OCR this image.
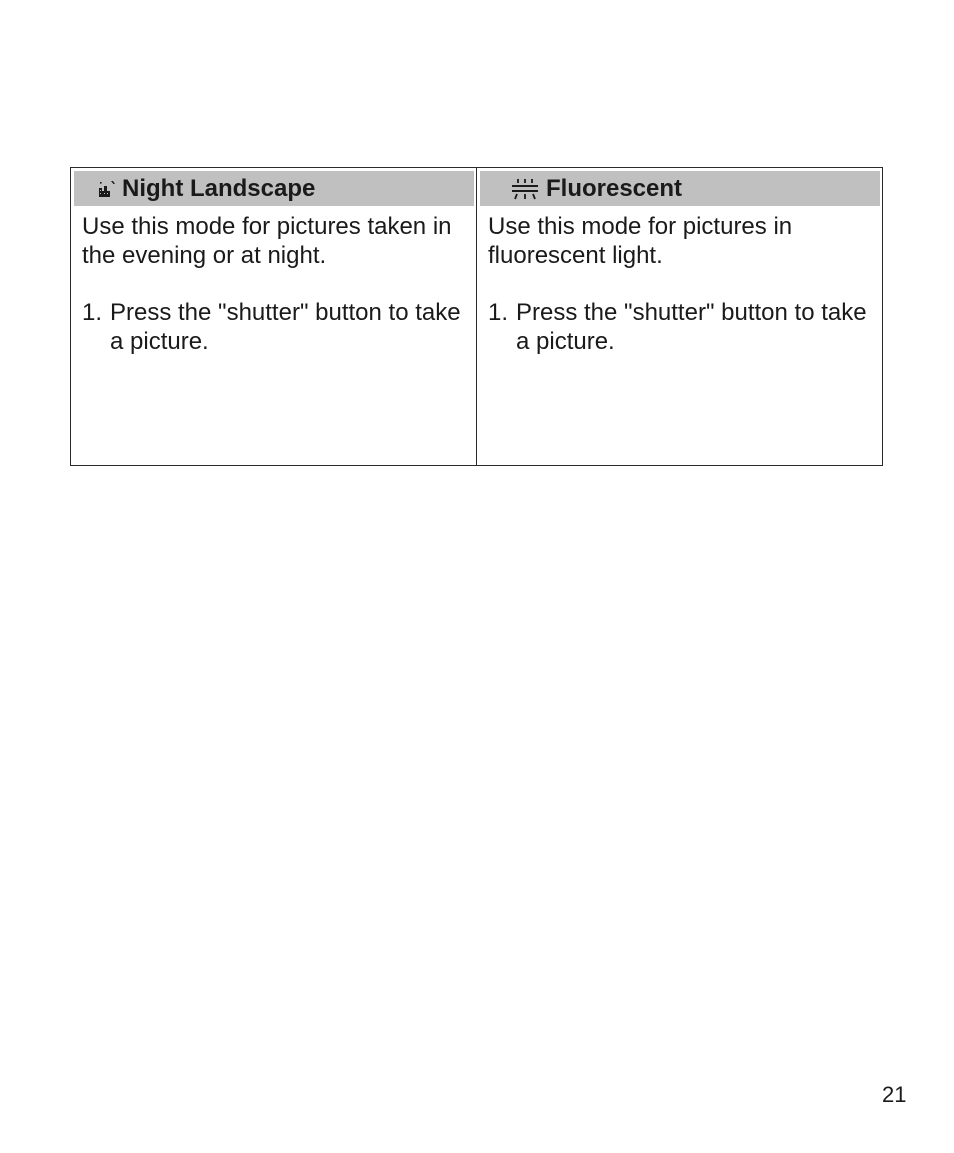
Night Landscape

Use this mode for pictures taken in the evening or at night.

1. Press the "shutter" button to take a picture.
Fluorescent

Use this mode for pictures in fluorescent light.

1. Press the "shutter" button to take a picture.
21
